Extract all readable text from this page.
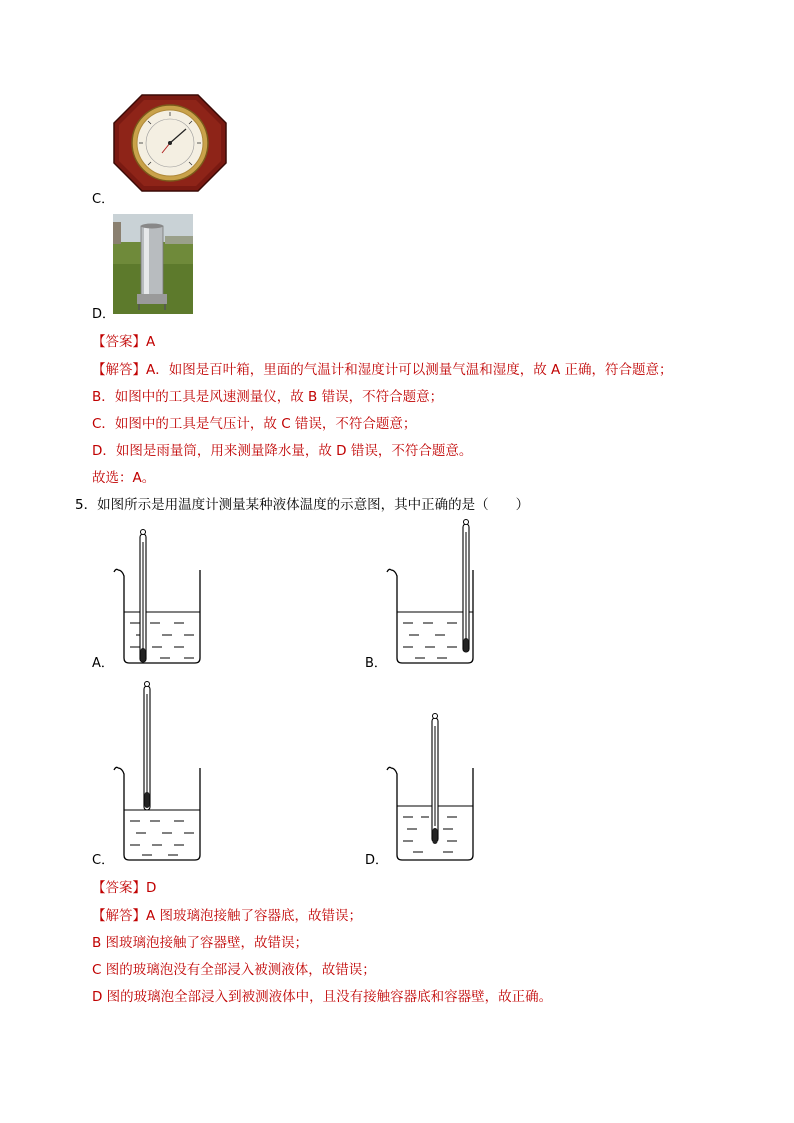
C．
D．
【答案】A
【解答】A．如图是百叶箱，里面的气温计和湿度计可以测量气温和湿度，故 A 正确，符合题意；
B．如图中的工具是风速测量仪，故 B 错误，不符合题意；
C．如图中的工具是气压计，故 C 错误，不符合题意；
D．如图是雨量筒，用来测量降水量，故 D 错误，不符合题意。
故选：A。
5．如图所示是用温度计测量某种液体温度的示意图，其中正确的是（　　）
A．	B．
C．	D．
【答案】D
【解答】A 图玻璃泡接触了容器底，故错误；
B 图玻璃泡接触了容器壁，故错误；
C 图的玻璃泡没有全部浸入被测液体，故错误；
D 图的玻璃泡全部浸入到被测液体中，且没有接触容器底和容器壁，故正确。
